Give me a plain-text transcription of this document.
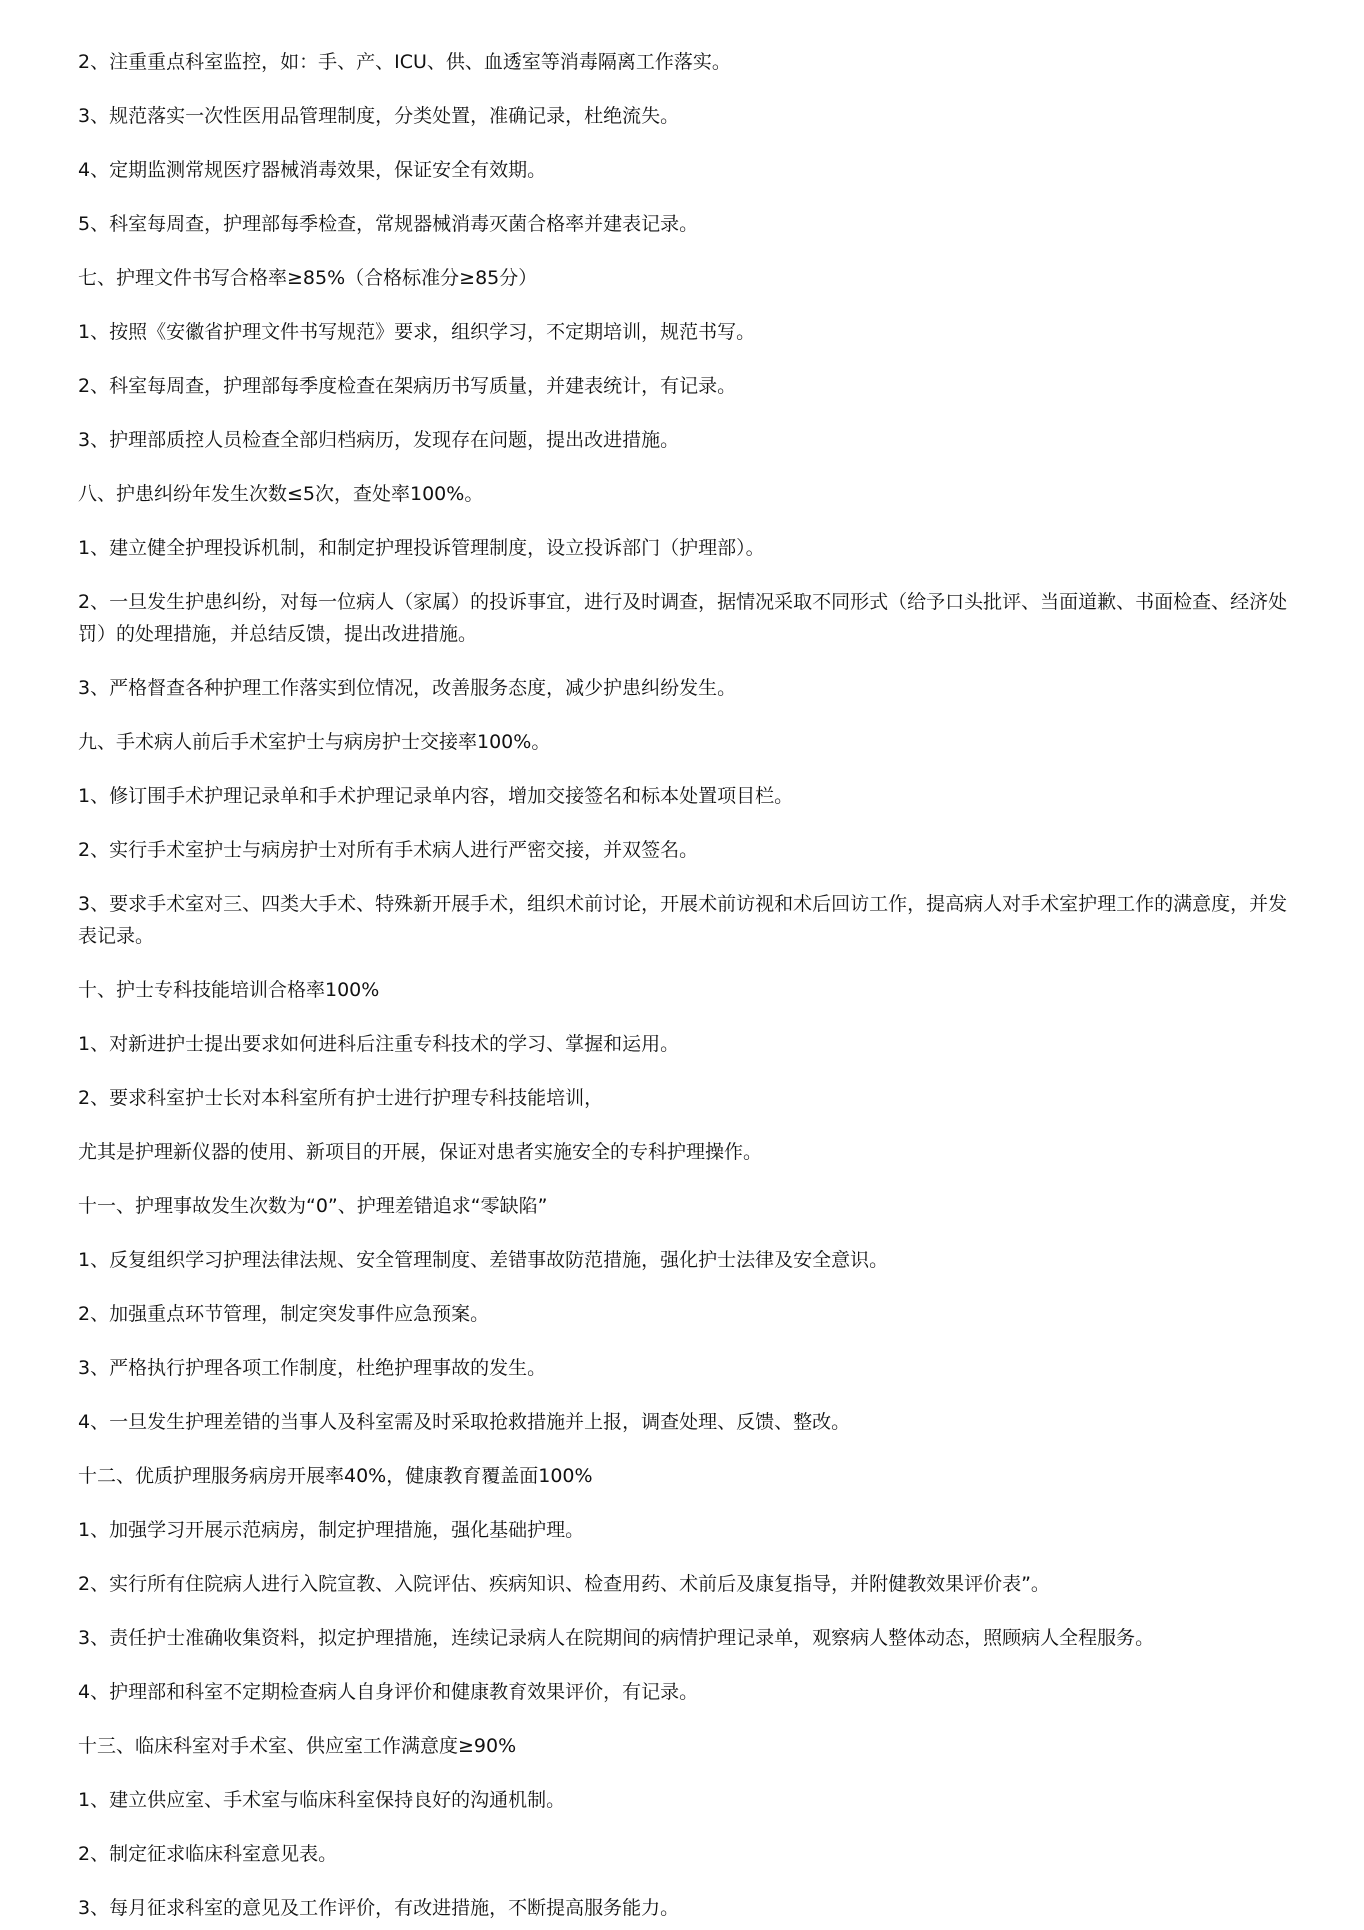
2、注重重点科室监控，如：手、产、ICU、供、血透室等消毒隔离工作落实。

3、规范落实一次性医用品管理制度，分类处置，准确记录，杜绝流失。

4、定期监测常规医疗器械消毒效果，保证安全有效期。

5、科室每周查，护理部每季检查，常规器械消毒灭菌合格率并建表记录。

七、护理文件书写合格率≥85%（合格标准分≥85分）

1、按照《安徽省护理文件书写规范》要求，组织学习，不定期培训，规范书写。

2、科室每周查，护理部每季度检查在架病历书写质量，并建表统计，有记录。

3、护理部质控人员检查全部归档病历，发现存在问题，提出改进措施。

八、护患纠纷年发生次数≤5次，查处率100%。

1、建立健全护理投诉机制，和制定护理投诉管理制度，设立投诉部门（护理部）。

2、一旦发生护患纠纷，对每一位病人（家属）的投诉事宜，进行及时调查，据情况采取不同形式（给予口头批评、当面道歉、书面检查、经济处罚）的处理措施，并总结反馈，提出改进措施。

3、严格督查各种护理工作落实到位情况，改善服务态度，减少护患纠纷发生。

九、手术病人前后手术室护士与病房护士交接率100%。

1、修订围手术护理记录单和手术护理记录单内容，增加交接签名和标本处置项目栏。

2、实行手术室护士与病房护士对所有手术病人进行严密交接，并双签名。

3、要求手术室对三、四类大手术、特殊新开展手术，组织术前讨论，开展术前访视和术后回访工作，提高病人对手术室护理工作的满意度，并发表记录。

十、护士专科技能培训合格率100%

1、对新进护士提出要求如何进科后注重专科技术的学习、掌握和运用。

2、要求科室护士长对本科室所有护士进行护理专科技能培训，

尤其是护理新仪器的使用、新项目的开展，保证对患者实施安全的专科护理操作。

十一、护理事故发生次数为“0”、护理差错追求“零缺陷”

1、反复组织学习护理法律法规、安全管理制度、差错事故防范措施，强化护士法律及安全意识。

2、加强重点环节管理，制定突发事件应急预案。

3、严格执行护理各项工作制度，杜绝护理事故的发生。

4、一旦发生护理差错的当事人及科室需及时采取抢救措施并上报，调查处理、反馈、整改。

十二、优质护理服务病房开展率40%，健康教育覆盖面100%

1、加强学习开展示范病房，制定护理措施，强化基础护理。

2、实行所有住院病人进行入院宣教、入院评估、疾病知识、检查用药、术前后及康复指导，并附健教效果评价表”。

3、责任护士准确收集资料，拟定护理措施，连续记录病人在院期间的病情护理记录单，观察病人整体动态，照顾病人全程服务。

4、护理部和科室不定期检查病人自身评价和健康教育效果评价，有记录。

十三、临床科室对手术室、供应室工作满意度≥90%

1、建立供应室、手术室与临床科室保持良好的沟通机制。

2、制定征求临床科室意见表。

3、每月征求科室的意见及工作评价，有改进措施，不断提高服务能力。
